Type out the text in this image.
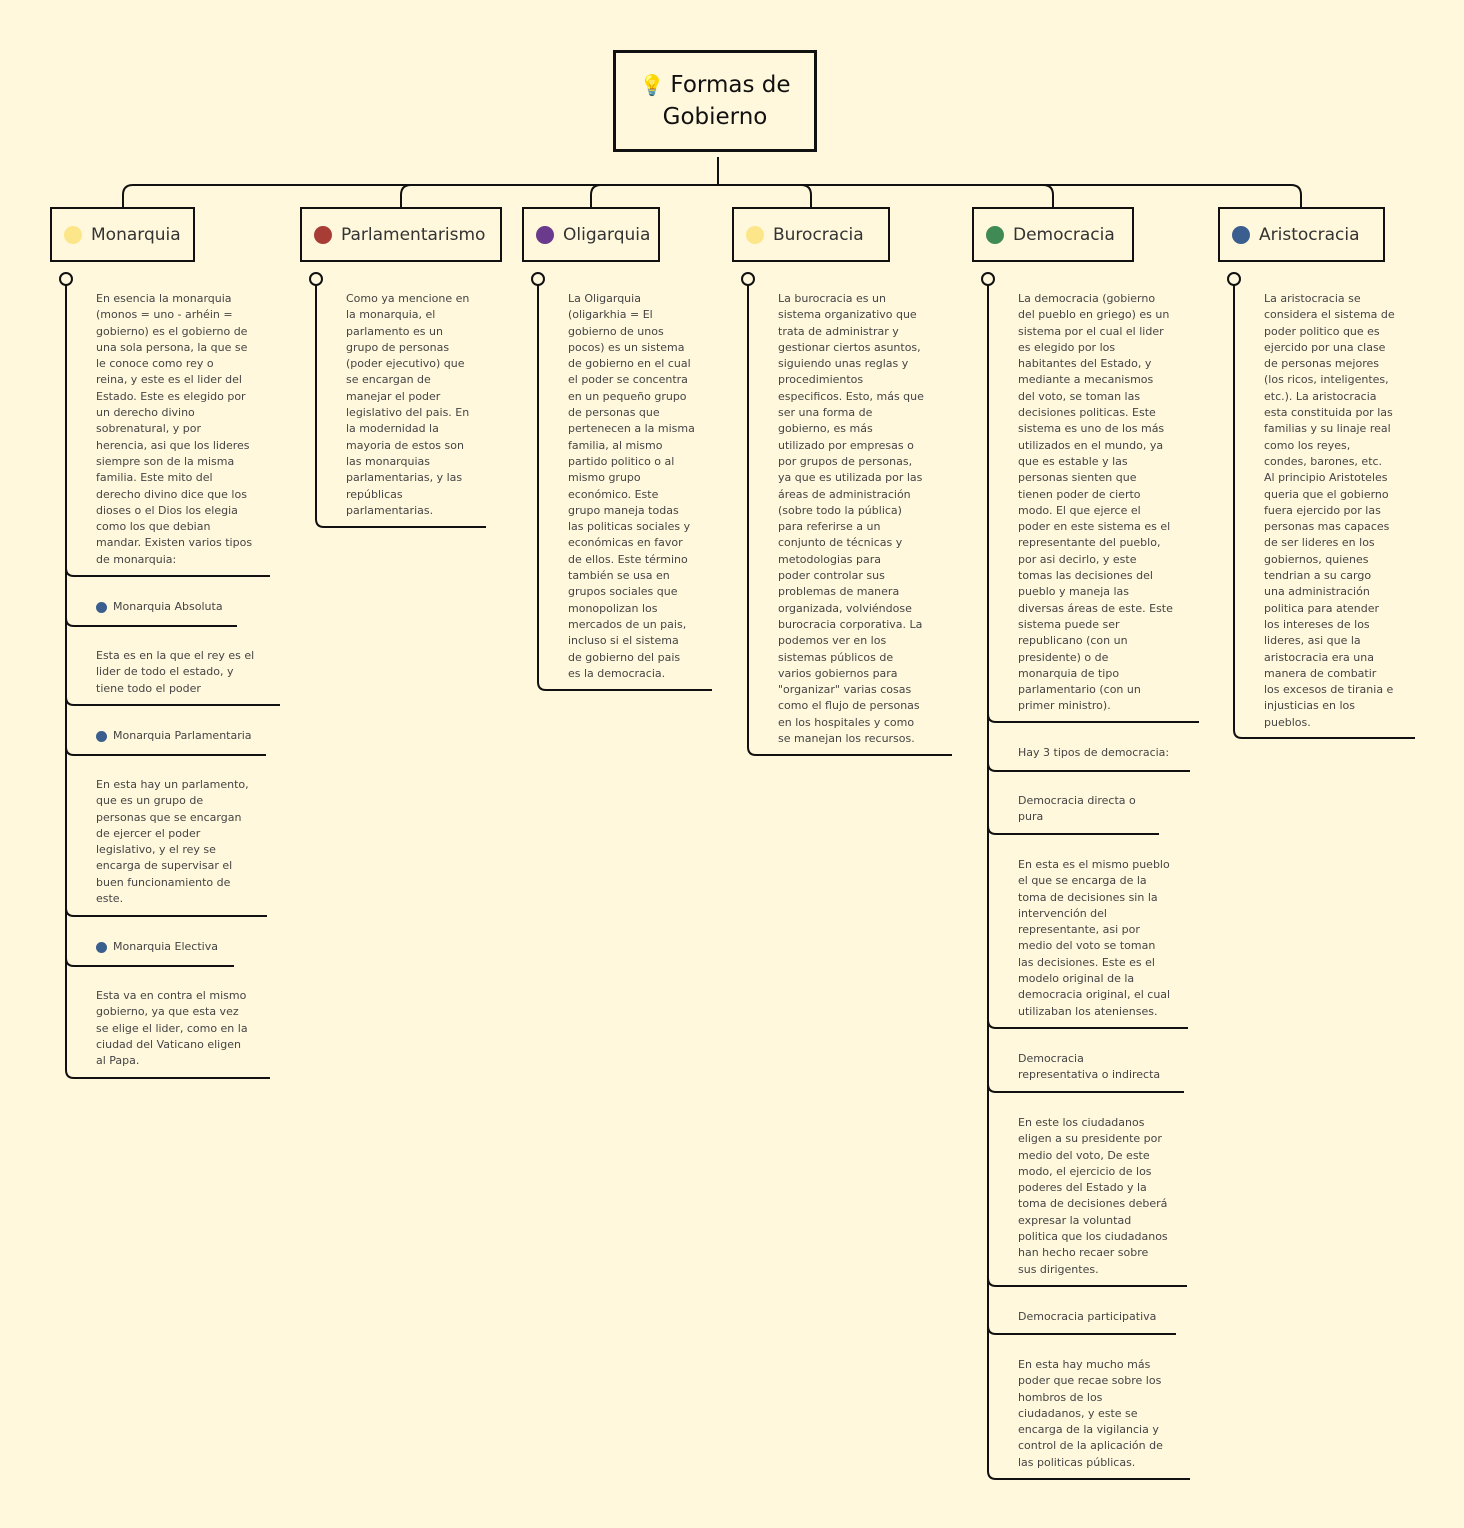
💡 Formas de Gobierno
Monarquia	Parlamentarismo	Oligarquia	Burocracia	Democracia	Aristocracia
En esencia la monarquia
(monos = uno - arhéin =
gobierno) es el gobierno de
una sola persona, la que se
le conoce como rey o
reina, y este es el lider del
Estado. Este es elegido por
un derecho divino
sobrenatural, y por
herencia, asi que los lideres
siempre son de la misma
familia. Este mito del
derecho divino dice que los
dioses o el Dios los elegia
como los que debian
mandar. Existen varios tipos
de monarquia:
Monarquia Absoluta
Esta es en la que el rey es el
lider de todo el estado, y
tiene todo el poder
Monarquia Parlamentaria
En esta hay un parlamento,
que es un grupo de
personas que se encargan
de ejercer el poder
legislativo, y el rey se
encarga de supervisar el
buen funcionamiento de
este.
Monarquia Electiva
Esta va en contra el mismo
gobierno, ya que esta vez
se elige el lider, como en la
ciudad del Vaticano eligen
al Papa.
Como ya mencione en
la monarquia, el
parlamento es un
grupo de personas
(poder ejecutivo) que
se encargan de
manejar el poder
legislativo del pais. En
la modernidad la
mayoria de estos son
las monarquias
parlamentarias, y las
repúblicas
parlamentarias.
La Oligarquia
(oligarkhia = El
gobierno de unos
pocos) es un sistema
de gobierno en el cual
el poder se concentra
en un pequeño grupo
de personas que
pertenecen a la misma
familia, al mismo
partido politico o al
mismo grupo
económico. Este
grupo maneja todas
las politicas sociales y
económicas en favor
de ellos. Este término
también se usa en
grupos sociales que
monopolizan los
mercados de un pais,
incluso si el sistema
de gobierno del pais
es la democracia.
La burocracia es un
sistema organizativo que
trata de administrar y
gestionar ciertos asuntos,
siguiendo unas reglas y
procedimientos
especificos. Esto, más que
ser una forma de
gobierno, es más
utilizado por empresas o
por grupos de personas,
ya que es utilizada por las
áreas de administración
(sobre todo la pública)
para referirse a un
conjunto de técnicas y
metodologias para
poder controlar sus
problemas de manera
organizada, volviéndose
burocracia corporativa. La
podemos ver en los
sistemas públicos de
varios gobiernos para
"organizar" varias cosas
como el flujo de personas
en los hospitales y como
se manejan los recursos.
La democracia (gobierno
del pueblo en griego) es un
sistema por el cual el lider
es elegido por los
habitantes del Estado, y
mediante a mecanismos
del voto, se toman las
decisiones politicas. Este
sistema es uno de los más
utilizados en el mundo, ya
que es estable y las
personas sienten que
tienen poder de cierto
modo. El que ejerce el
poder en este sistema es el
representante del pueblo,
por asi decirlo, y este
tomas las decisiones del
pueblo y maneja las
diversas áreas de este. Este
sistema puede ser
republicano (con un
presidente) o de
monarquia de tipo
parlamentario (con un
primer ministro).
Hay 3 tipos de democracia:
Democracia directa o
pura
En esta es el mismo pueblo
el que se encarga de la
toma de decisiones sin la
intervención del
representante, asi por
medio del voto se toman
las decisiones. Este es el
modelo original de la
democracia original, el cual
utilizaban los atenienses.
Democracia
representativa o indirecta
En este los ciudadanos
eligen a su presidente por
medio del voto, De este
modo, el ejercicio de los
poderes del Estado y la
toma de decisiones deberá
expresar la voluntad
politica que los ciudadanos
han hecho recaer sobre
sus dirigentes.
Democracia participativa
En esta hay mucho más
poder que recae sobre los
hombros de los
ciudadanos, y este se
encarga de la vigilancia y
control de la aplicación de
las politicas públicas.
La aristocracia se
considera el sistema de
poder politico que es
ejercido por una clase
de personas mejores
(los ricos, inteligentes,
etc.). La aristocracia
esta constituida por las
familias y su linaje real
como los reyes,
condes, barones, etc.
Al principio Aristoteles
queria que el gobierno
fuera ejercido por las
personas mas capaces
de ser lideres en los
gobiernos, quienes
tendrian a su cargo
una administración
politica para atender
los intereses de los
lideres, asi que la
aristocracia era una
manera de combatir
los excesos de tirania e
injusticias en los
pueblos.
